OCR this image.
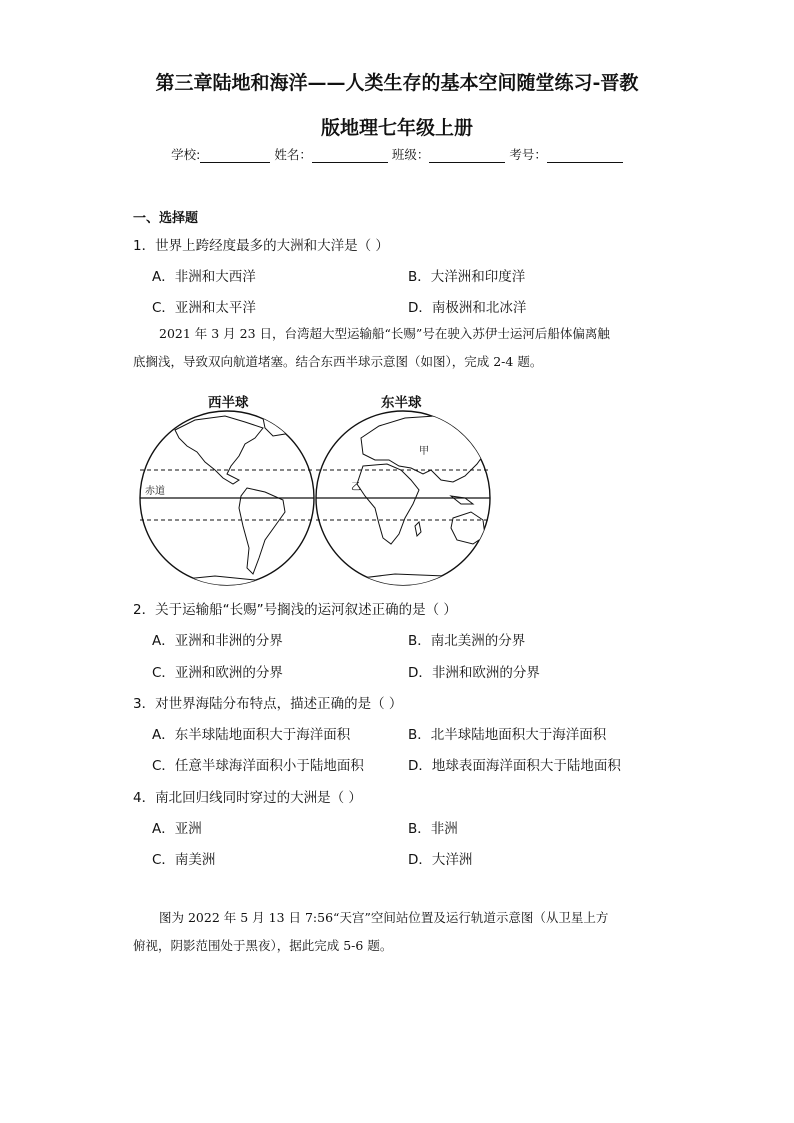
第三章陆地和海洋——人类生存的基本空间随堂练习-晋教
版地理七年级上册
学校:	姓名：	班级：	考号：
一、选择题
1．世界上跨经度最多的大洲和大洋是（ ）
A．非洲和大西洋	B．大洋洲和印度洋
C．亚洲和太平洋	D．南极洲和北冰洋
2021 年 3 月 23 日，台湾超大型运输船“长赐”号在驶入苏伊士运河后船体偏离触
底搁浅，导致双向航道堵塞。结合东西半球示意图（如图），完成 2-4 题。
西半球	东半球
赤道
甲
乙
2．关于运输船“长赐”号搁浅的运河叙述正确的是（ ）
A．亚洲和非洲的分界	B．南北美洲的分界
C．亚洲和欧洲的分界	D．非洲和欧洲的分界
3．对世界海陆分布特点，描述正确的是（ ）
A．东半球陆地面积大于海洋面积	B．北半球陆地面积大于海洋面积
C．任意半球海洋面积小于陆地面积	D．地球表面海洋面积大于陆地面积
4．南北回归线同时穿过的大洲是（ ）
A．亚洲	B．非洲
C．南美洲	D．大洋洲
图为 2022 年 5 月 13 日 7:56“天宫”空间站位置及运行轨道示意图（从卫星上方
俯视，阴影范围处于黑夜），据此完成 5-6 题。
